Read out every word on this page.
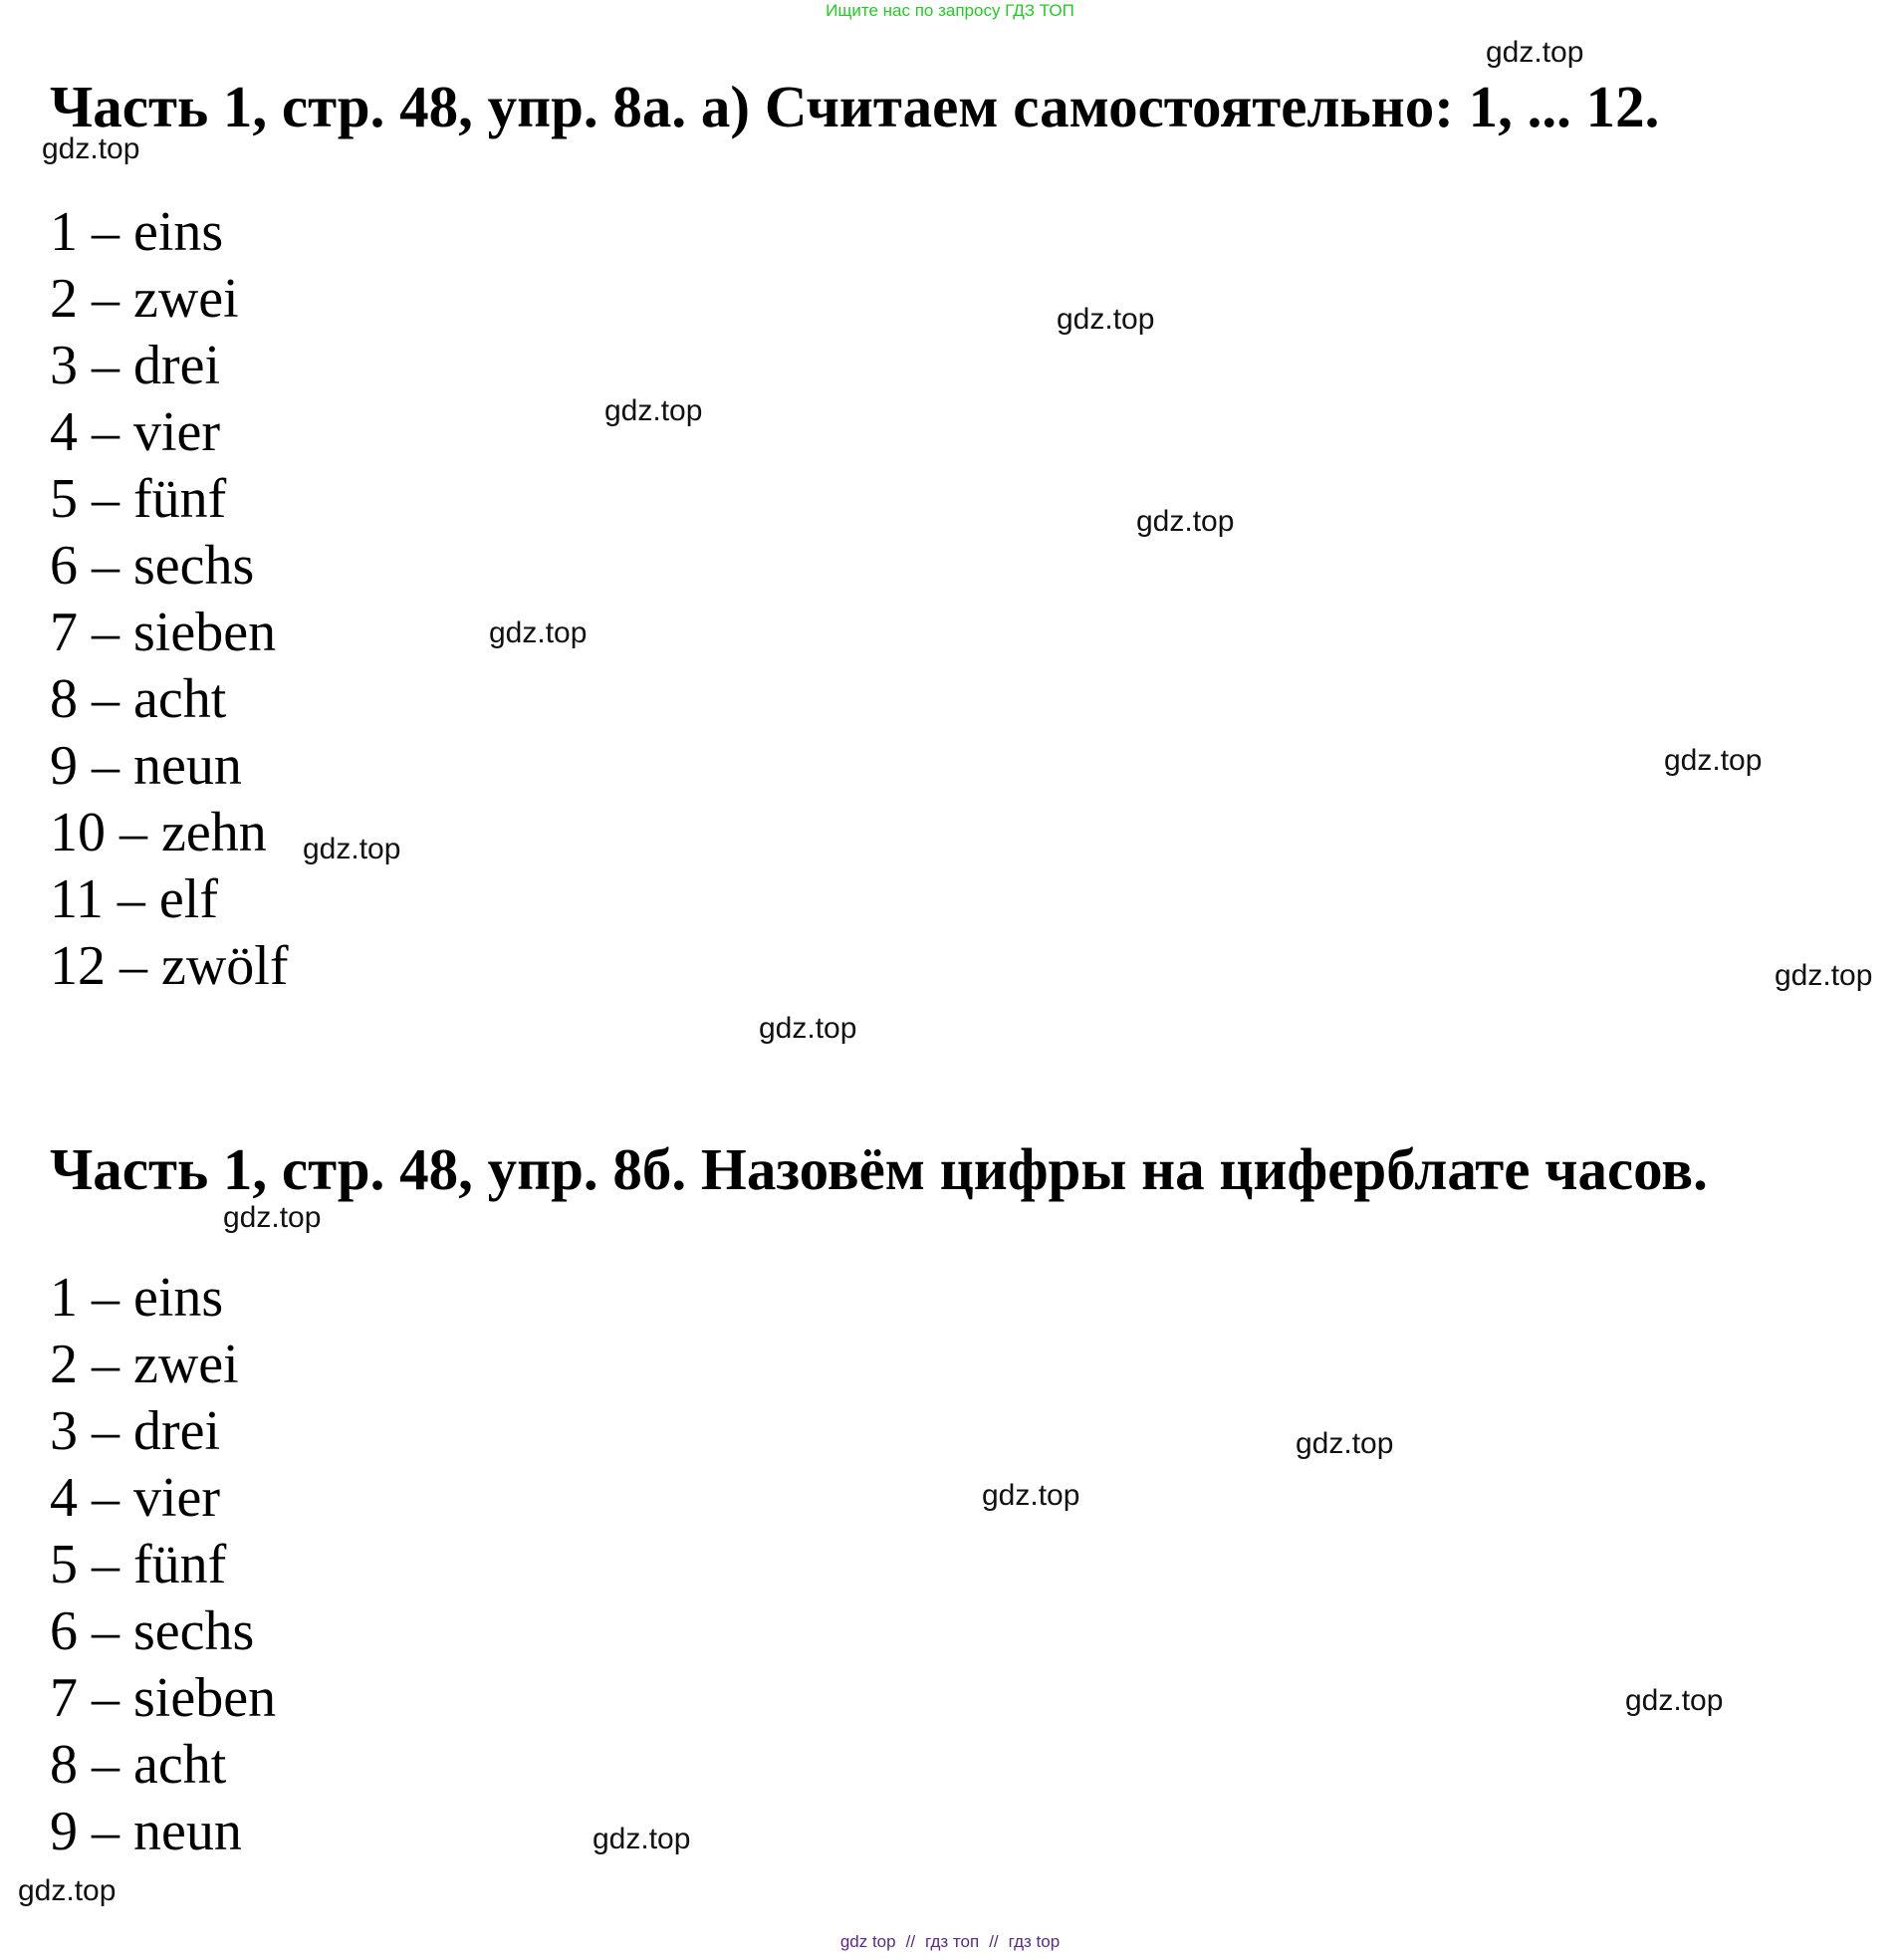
Ищите нас по запросу ГДЗ ТОП
Часть 1, стр. 48, упр. 8а. а) Считаем самостоятельно: 1, ... 12.
1 – eins
2 – zwei
3 – drei
4 – vier
5 – fünf
6 – sechs
7 – sieben
8 – acht
9 – neun
10 – zehn
11 – elf
12 – zwölf
Часть 1, стр. 48, упр. 8б. Назовём цифры на циферблате часов.
1 – eins
2 – zwei
3 – drei
4 – vier
5 – fünf
6 – sechs
7 – sieben
8 – acht
9 – neun
gdz.top
gdz.top
gdz.top
gdz.top
gdz.top
gdz.top
gdz.top
gdz.top
gdz.top
gdz.top
gdz.top
gdz.top
gdz.top
gdz.top
gdz.top
gdz.top
gdz top // гдз топ // гдз top
